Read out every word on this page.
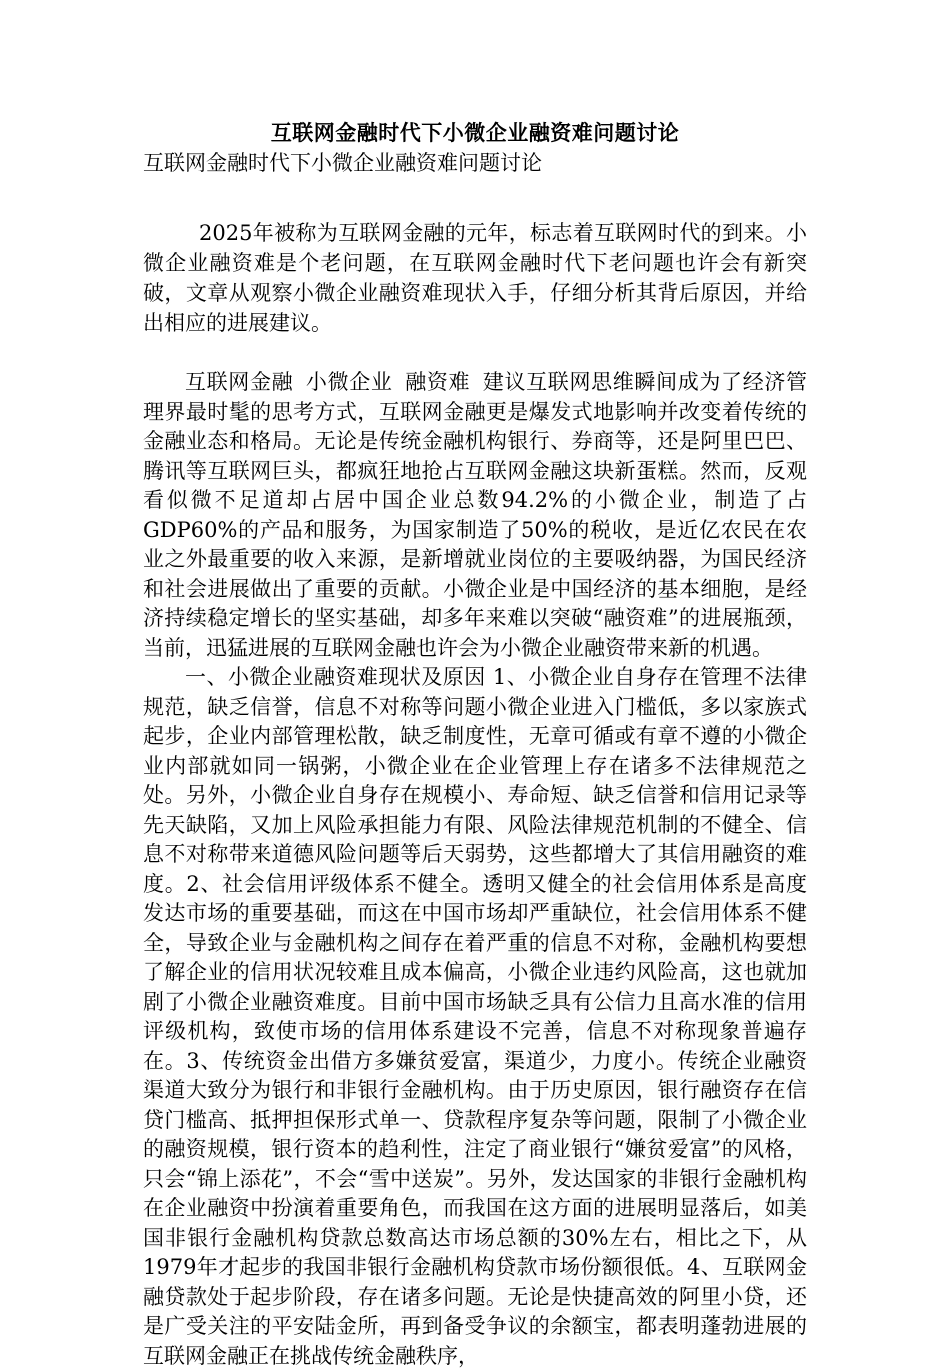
互联网金融时代下小微企业融资难问题讨论

互联网金融时代下小微企业融资难问题讨论

2025年被称为互联网金融的元年，标志着互联网时代的到来。小微企业融资难是个老问题，在互联网金融时代下老问题也许会有新突破，文章从观察小微企业融资难现状入手，仔细分析其背后原因，并给出相应的进展建议。

互联网金融 小微企业 融资难 建议互联网思维瞬间成为了经济管理界最时髦的思考方式，互联网金融更是爆发式地影响并改变着传统的金融业态和格局。无论是传统金融机构银行、券商等，还是阿里巴巴、腾讯等互联网巨头，都疯狂地抢占互联网金融这块新蛋糕。然而，反观看似微不足道却占居中国企业总数94.2%的小微企业，制造了占GDP60%的产品和服务，为国家制造了50%的税收，是近亿农民在农业之外最重要的收入来源，是新增就业岗位的主要吸纳器，为国民经济和社会进展做出了重要的贡献。小微企业是中国经济的基本细胞，是经济持续稳定增长的坚实基础，却多年来难以突破“融资难”的进展瓶颈，当前，迅猛进展的互联网金融也许会为小微企业融资带来新的机遇。

一、小微企业融资难现状及原因 1、小微企业自身存在管理不法律规范，缺乏信誉，信息不对称等问题小微企业进入门槛低，多以家族式起步，企业内部管理松散，缺乏制度性，无章可循或有章不遵的小微企业内部就如同一锅粥，小微企业在企业管理上存在诸多不法律规范之处。另外，小微企业自身存在规模小、寿命短、缺乏信誉和信用记录等先天缺陷，又加上风险承担能力有限、风险法律规范机制的不健全、信息不对称带来道德风险问题等后天弱势，这些都增大了其信用融资的难度。2、社会信用评级体系不健全。透明又健全的社会信用体系是高度发达市场的重要基础，而这在中国市场却严重缺位，社会信用体系不健全，导致企业与金融机构之间存在着严重的信息不对称，金融机构要想了解企业的信用状况较难且成本偏高，小微企业违约风险高，这也就加剧了小微企业融资难度。目前中国市场缺乏具有公信力且高水准的信用评级机构，致使市场的信用体系建设不完善，信息不对称现象普遍存在。3、传统资金出借方多嫌贫爱富，渠道少，力度小。传统企业融资渠道大致分为银行和非银行金融机构。由于历史原因，银行融资存在信贷门槛高、抵押担保形式单一、贷款程序复杂等问题，限制了小微企业的融资规模，银行资本的趋利性，注定了商业银行“嫌贫爱富”的风格，只会“锦上添花”，不会“雪中送炭”。另外，发达国家的非银行金融机构在企业融资中扮演着重要角色，而我国在这方面的进展明显落后，如美国非银行金融机构贷款总数高达市场总额的30%左右，相比之下，从1979年才起步的我国非银行金融机构贷款市场份额很低。4、互联网金融贷款处于起步阶段，存在诸多问题。无论是快捷高效的阿里小贷，还是广受关注的平安陆金所，再到备受争议的余额宝，都表明蓬勃进展的互联网金融正在挑战传统金融秩序，
